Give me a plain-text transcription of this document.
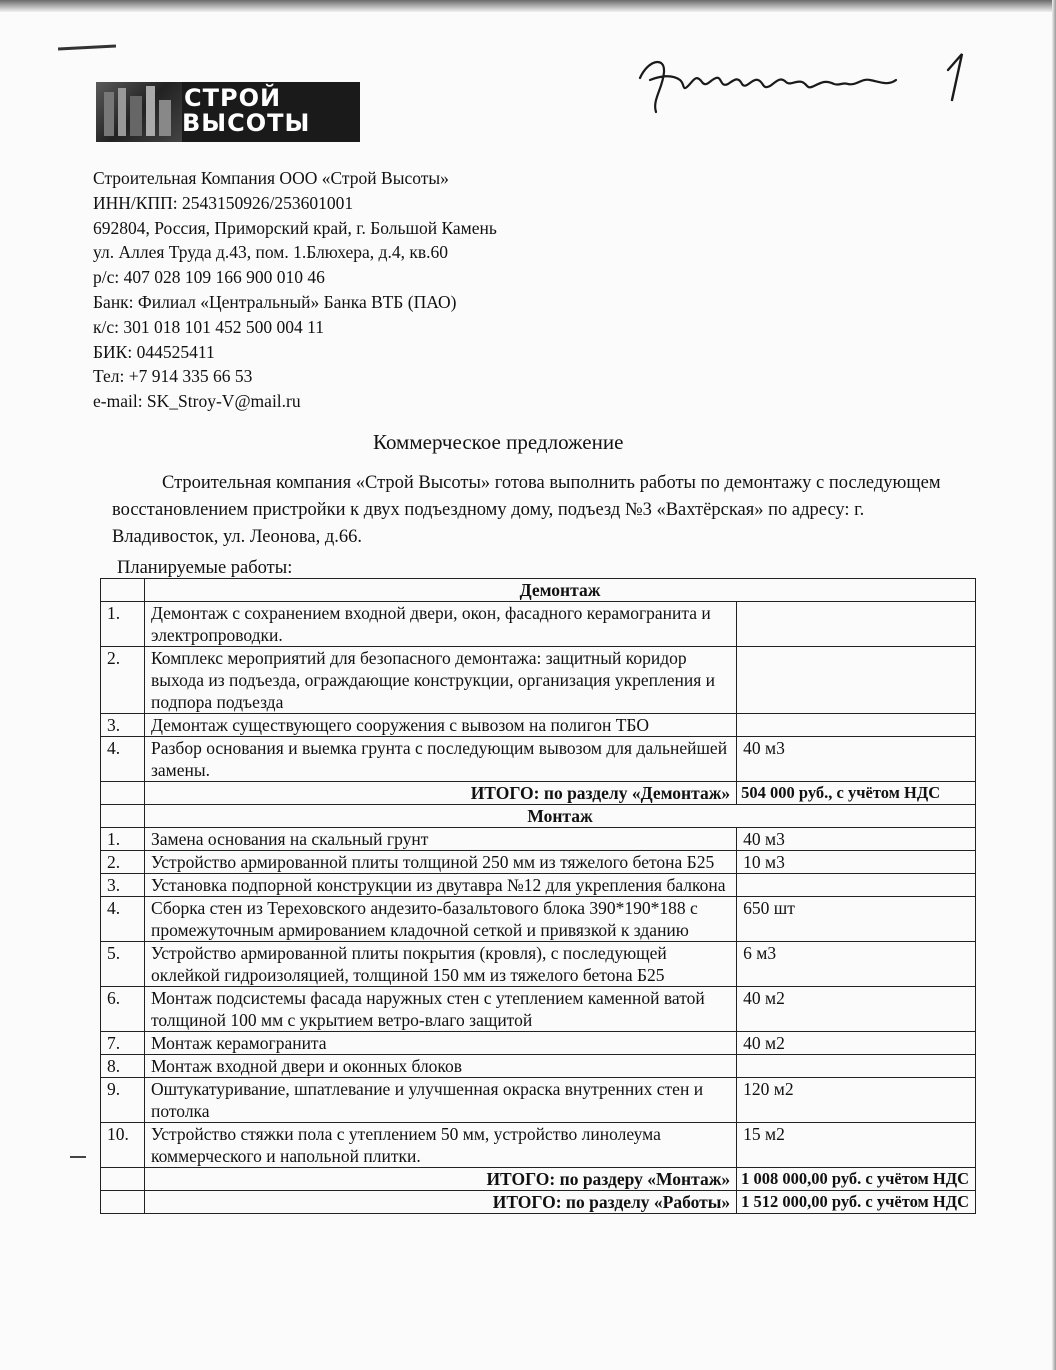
СТРОЙ
ВЫСОТЫ
Строительная Компания ООО «Строй Высоты»
ИНН/КПП: 2543150926/253601001
692804, Россия, Приморский край, г. Большой Камень
ул. Аллея Труда д.43, пом. 1.Блюхера, д.4, кв.60
р/с: 407 028 109 166 900 010 46
Банк: Филиал «Центральный» Банка ВТБ (ПАО)
к/с: 301 018 101 452 500 004 11
БИК: 044525411
Тел: +7 914 335 66 53
e-mail: SK_Stroy-V@mail.ru
Коммерческое предложение

Строительная компания «Строй Высоты» готова выполнить работы по демонтажу с последующем восстановлением пристройки к двух подъездному дому, подъезд №3 «Вахтёрская» по адресу: г. Владивосток, ул. Леонова, д.66.

Планируемые работы:
	Демонтаж	
1.	Демонтаж с сохранением входной двери, окон, фасадного керамогранита и электропроводки.	
2.	Комплекс мероприятий для безопасного демонтажа: защитный коридор выхода из подъезда, ограждающие конструкции, организация укрепления и подпора подъезда	
3.	Демонтаж существующего сооружения с вывозом на полигон ТБО	
4.	Разбор основания и выемка грунта с последующим вывозом для дальнейшей замены.	40 м3
	ИТОГО: по разделу «Демонтаж»	504 000 руб., с учётом НДС
	Монтаж	
1.	Замена основания на скальный грунт	40 м3
2.	Устройство армированной плиты толщиной 250 мм из тяжелого бетона Б25	10 м3
3.	Установка подпорной конструкции из двутавра №12 для укрепления балкона	
4.	Сборка стен из Тереховского андезито-базальтового блока 390*190*188 с промежуточным армированием кладочной сеткой и привязкой к зданию	650 шт
5.	Устройство армированной плиты покрытия (кровля), с последующей оклейкой гидроизоляцией, толщиной 150 мм из тяжелого бетона Б25	6 м3
6.	Монтаж подсистемы фасада наружных стен с утеплением каменной ватой толщиной 100 мм с укрытием ветро-влаго защитой	40 м2
7.	Монтаж керамогранита	40 м2
8.	Монтаж входной двери и оконных блоков	
9.	Оштукатуривание, шпатлевание и улучшенная окраска внутренних стен и потолка	120 м2
10.	Устройство стяжки пола с утеплением 50 мм, устройство линолеума коммерческого и напольной плитки.	15 м2
	ИТОГО: по раздеру «Монтаж»	1 008 000,00 руб. с учётом НДС
	ИТОГО: по разделу «Работы»	1 512 000,00 руб. с учётом НДС
